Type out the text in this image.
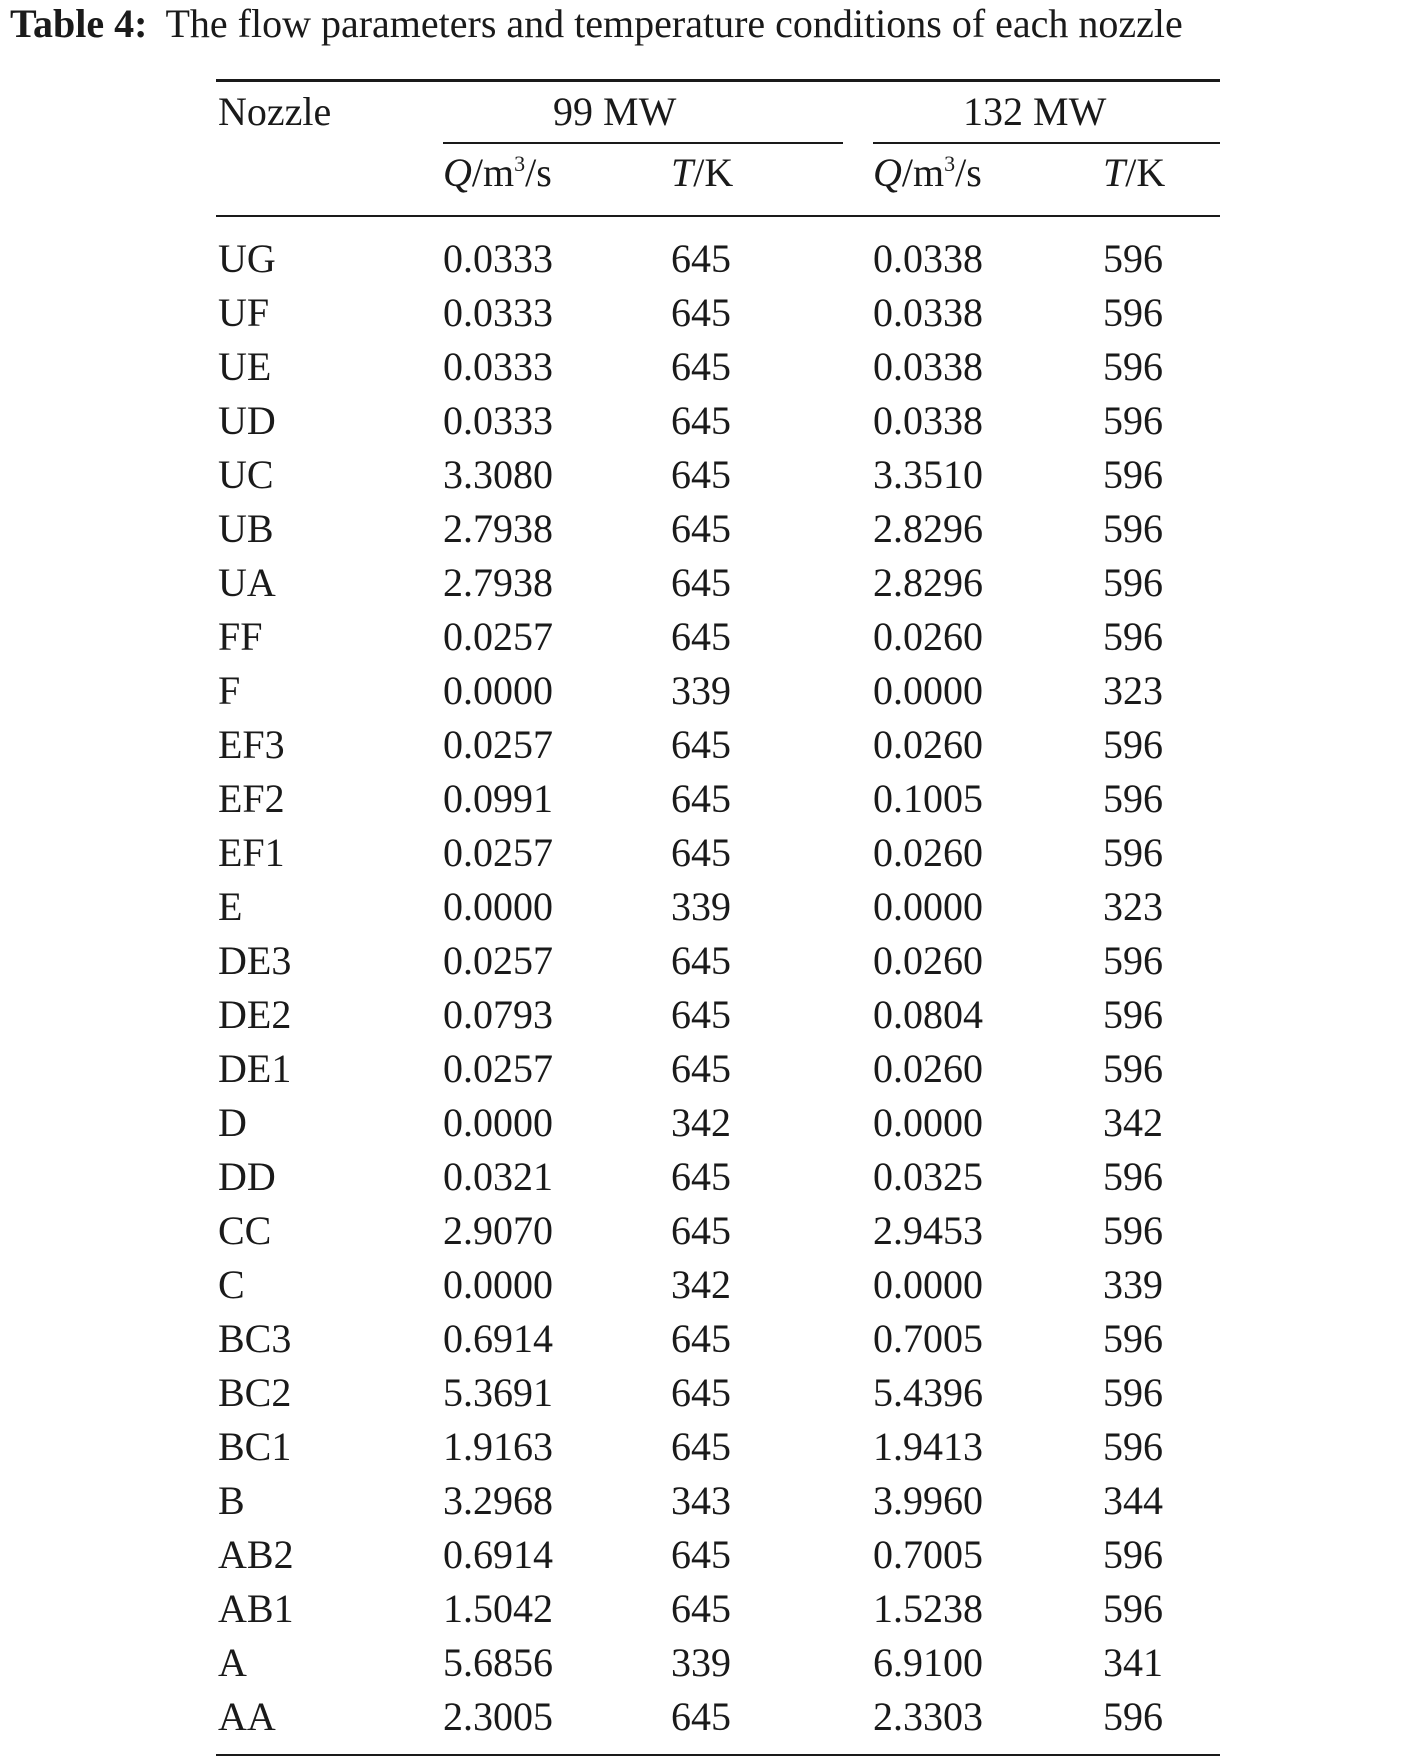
Table 4: The flow parameters and temperature conditions of each nozzle
Nozzle	99 MW	132 MW
$Q/m^3/s$	T/K	$Q/m^3/s$	T/K
UG	0.0333	645	0.0338	596
UF	0.0333	645	0.0338	596
UE	0.0333	645	0.0338	596
UD	0.0333	645	0.0338	596
UC	3.3080	645	3.3510	596
UB	2.7938	645	2.8296	596
UA	2.7938	645	2.8296	596
FF	0.0257	645	0.0260	596
F	0.0000	339	0.0000	323
EF3	0.0257	645	0.0260	596
EF2	0.0991	645	0.1005	596
EF1	0.0257	645	0.0260	596
E	0.0000	339	0.0000	323
DE3	0.0257	645	0.0260	596
DE2	0.0793	645	0.0804	596
DE1	0.0257	645	0.0260	596
D	0.0000	342	0.0000	342
DD	0.0321	645	0.0325	596
CC	2.9070	645	2.9453	596
C	0.0000	342	0.0000	339
BC3	0.6914	645	0.7005	596
BC2	5.3691	645	5.4396	596
BC1	1.9163	645	1.9413	596
B	3.2968	343	3.9960	344
AB2	0.6914	645	0.7005	596
AB1	1.5042	645	1.5238	596
A	5.6856	339	6.9100	341
AA	2.3005	645	2.3303	596
